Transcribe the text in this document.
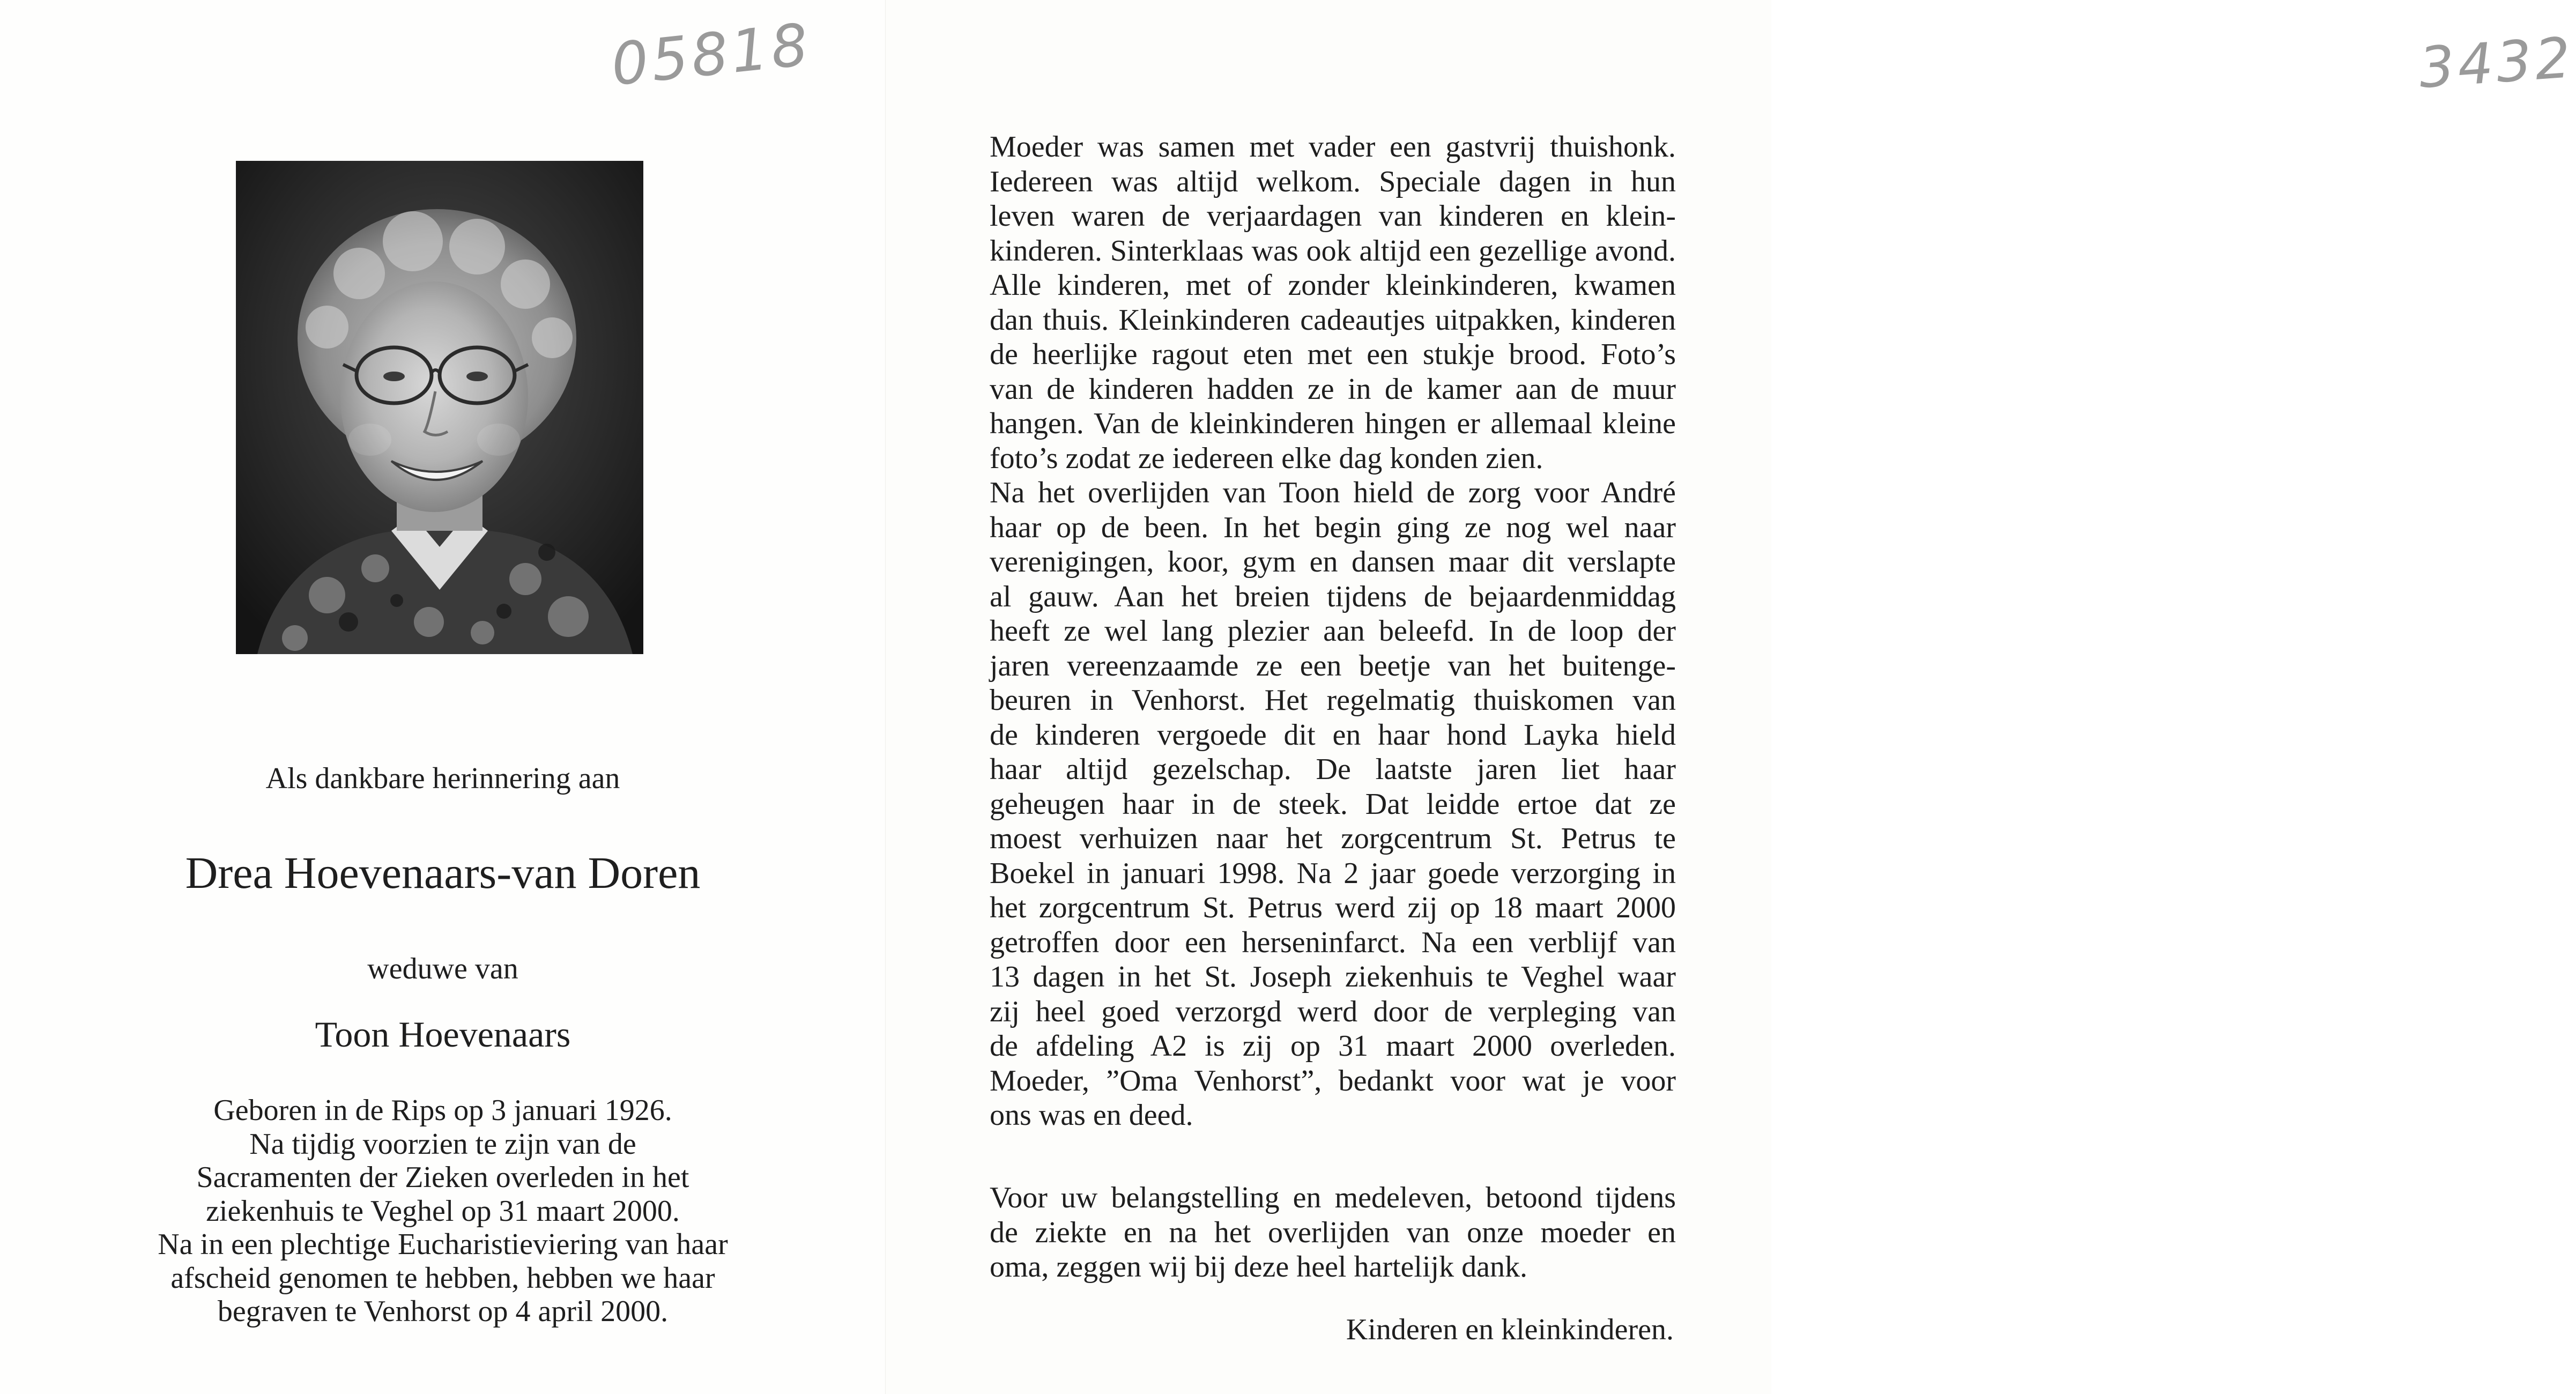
05818
Als dankbare herinnering aan
Drea Hoevenaars-van Doren
weduwe van
Toon Hoevenaars
Geboren in de Rips op 3 januari 1926.
Na tijdig voorzien te zijn van de
Sacramenten der Zieken overleden in het
ziekenhuis te Veghel op 31 maart 2000.
Na in een plechtige Eucharistieviering van haar
afscheid genomen te hebben, hebben we haar
begraven te Venhorst op 4 april 2000.
3432
Moeder was samen met vader een gastvrij thuishonk.
Iedereen was altijd welkom. Speciale dagen in hun
leven waren de verjaardagen van kinderen en klein-
kinderen. Sinterklaas was ook altijd een gezellige avond.
Alle kinderen, met of zonder kleinkinderen, kwamen
dan thuis. Kleinkinderen cadeautjes uitpakken, kinderen
de heerlijke ragout eten met een stukje brood. Foto’s
van de kinderen hadden ze in de kamer aan de muur
hangen. Van de kleinkinderen hingen er allemaal kleine
foto’s zodat ze iedereen elke dag konden zien.
Na het overlijden van Toon hield de zorg voor André
haar op de been. In het begin ging ze nog wel naar
verenigingen, koor, gym en dansen maar dit verslapte
al gauw. Aan het breien tijdens de bejaardenmiddag
heeft ze wel lang plezier aan beleefd. In de loop der
jaren vereenzaamde ze een beetje van het buitenge-
beuren in Venhorst. Het regelmatig thuiskomen van
de kinderen vergoede dit en haar hond Layka hield
haar altijd gezelschap. De laatste jaren liet haar
geheugen haar in de steek. Dat leidde ertoe dat ze
moest verhuizen naar het zorgcentrum St. Petrus te
Boekel in januari 1998. Na 2 jaar goede verzorging in
het zorgcentrum St. Petrus werd zij op 18 maart 2000
getroffen door een herseninfarct. Na een verblijf van
13 dagen in het St. Joseph ziekenhuis te Veghel waar
zij heel goed verzorgd werd door de verpleging van
de afdeling A2 is zij op 31 maart 2000 overleden.
Moeder, ”Oma Venhorst”, bedankt voor wat je voor
ons was en deed.
Voor uw belangstelling en medeleven, betoond tijdens
de ziekte en na het overlijden van onze moeder en
oma, zeggen wij bij deze heel hartelijk dank.
Kinderen en kleinkinderen.
